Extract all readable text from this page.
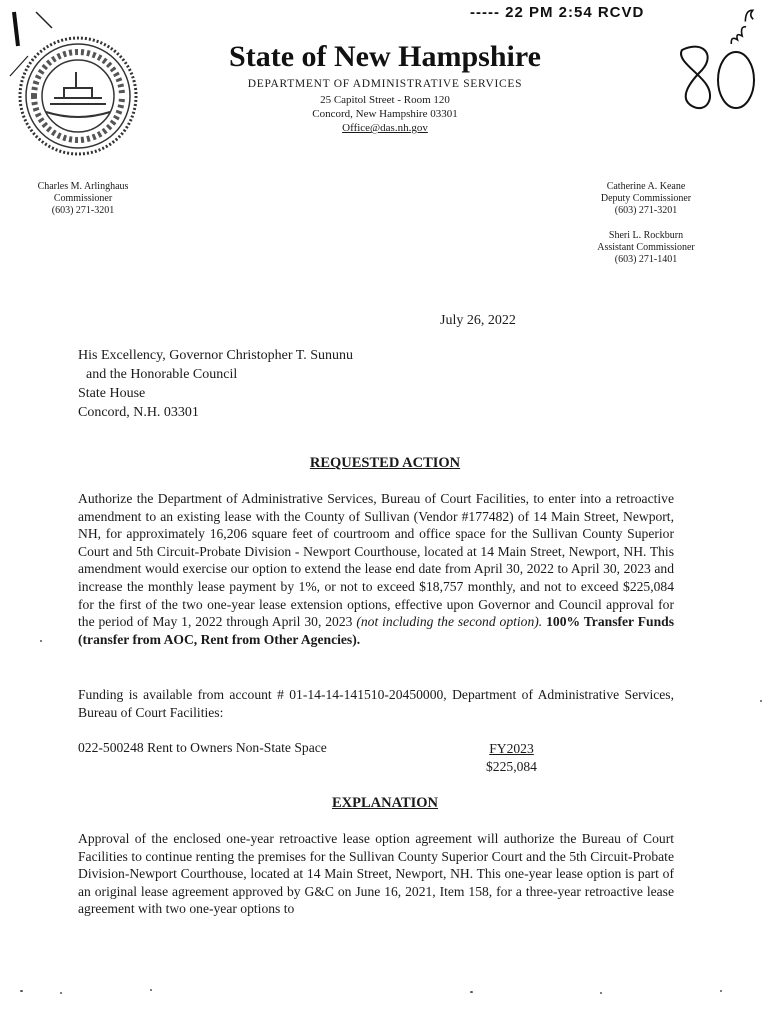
----- 22 PM 2:54 RCVD
State of New Hampshire
DEPARTMENT OF ADMINISTRATIVE SERVICES
25 Capitol Street - Room 120
Concord, New Hampshire 03301
Office@das.nh.gov
Charles M. Arlinghaus
Commissioner
(603) 271-3201
Catherine A. Keane
Deputy Commissioner
(603) 271-3201
Sheri L. Rockburn
Assistant Commissioner
(603) 271-1401
July 26, 2022
His Excellency, Governor Christopher T. Sununu
and the Honorable Council
State House
Concord, N.H. 03301
REQUESTED ACTION

Authorize the Department of Administrative Services, Bureau of Court Facilities, to enter into a retroactive amendment to an existing lease with the County of Sullivan (Vendor #177482) of 14 Main Street, Newport, NH, for approximately 16,206 square feet of courtroom and office space for the Sullivan County Superior Court and 5th Circuit-Probate Division - Newport Courthouse, located at 14 Main Street, Newport, NH. This amendment would exercise our option to extend the lease end date from April 30, 2022 to April 30, 2023 and increase the monthly lease payment by 1%, or not to exceed $18,757 monthly, and not to exceed $225,084 for the first of the two one-year lease extension options, effective upon Governor and Council approval for the period of May 1, 2022 through April 30, 2023 (not including the second option). 100% Transfer Funds (transfer from AOC, Rent from Other Agencies).

Funding is available from account # 01-14-14-141510-20450000, Department of Administrative Services, Bureau of Court Facilities:

022-500248 Rent to Owners Non-State Space	FY2023
$225,084
EXPLANATION

Approval of the enclosed one-year retroactive lease option agreement will authorize the Bureau of Court Facilities to continue renting the premises for the Sullivan County Superior Court and the 5th Circuit-Probate Division-Newport Courthouse, located at 14 Main Street, Newport, NH. This one-year lease option is part of an original lease agreement approved by G&C on June 16, 2021, Item 158, for a three-year retroactive lease agreement with two one-year options to
